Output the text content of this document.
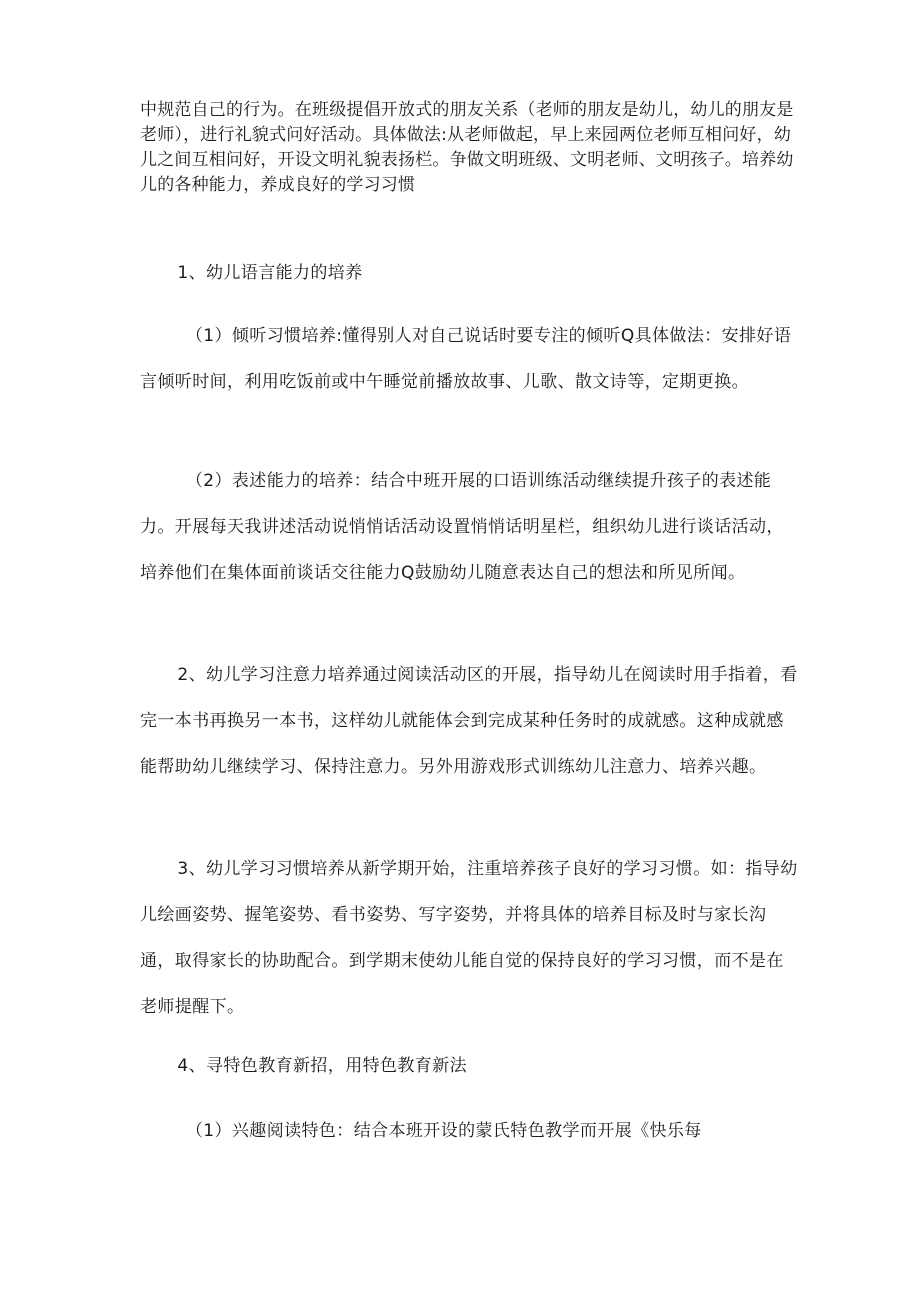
中规范自己的行为。在班级提倡开放式的朋友关系（老师的朋友是幼儿，幼儿的朋友是老师），进行礼貌式问好活动。具体做法:从老师做起，早上来园两位老师互相问好，幼儿之间互相问好，开设文明礼貌表扬栏。争做文明班级、文明老师、文明孩子。培养幼儿的各种能力，养成良好的学习习惯

1、幼儿语言能力的培养

（1）倾听习惯培养:懂得别人对自己说话时要专注的倾听Q具体做法：安排好语言倾听时间，利用吃饭前或中午睡觉前播放故事、儿歌、散文诗等，定期更换。

（2）表述能力的培养：结合中班开展的口语训练活动继续提升孩子的表述能力。开展每天我讲述活动说悄悄话活动设置悄悄话明星栏，组织幼儿进行谈话活动，培养他们在集体面前谈话交往能力Q鼓励幼儿随意表达自己的想法和所见所闻。

2、幼儿学习注意力培养通过阅读活动区的开展，指导幼儿在阅读时用手指着，看完一本书再换另一本书，这样幼儿就能体会到完成某种任务时的成就感。这种成就感能帮助幼儿继续学习、保持注意力。另外用游戏形式训练幼儿注意力、培养兴趣。

3、幼儿学习习惯培养从新学期开始，注重培养孩子良好的学习习惯。如：指导幼儿绘画姿势、握笔姿势、看书姿势、写字姿势，并将具体的培养目标及时与家长沟通，取得家长的协助配合。到学期末使幼儿能自觉的保持良好的学习习惯，而不是在老师提醒下。

4、寻特色教育新招，用特色教育新法

（1）兴趣阅读特色：结合本班开设的蒙氏特色教学而开展《快乐每
